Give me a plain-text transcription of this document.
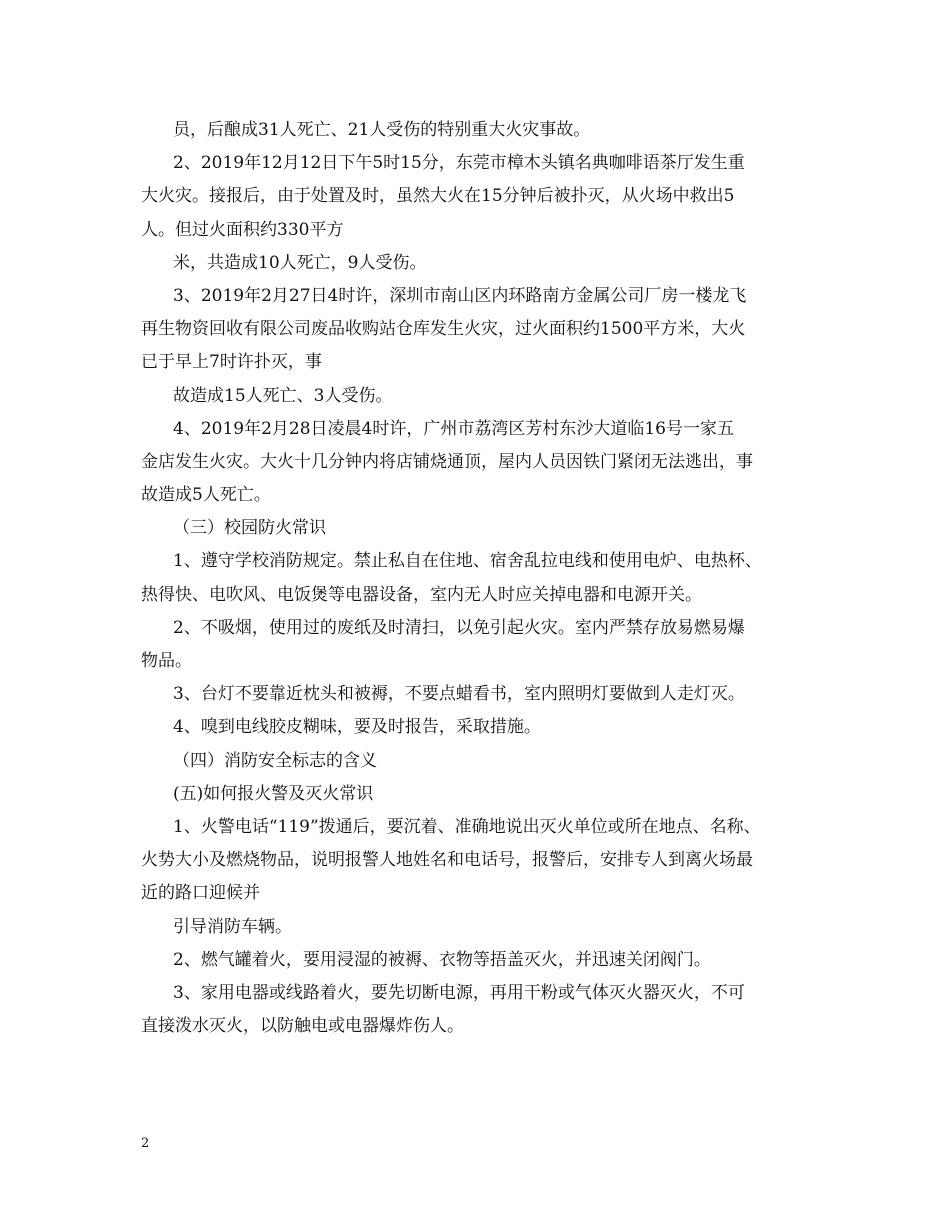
员，后酿成31人死亡、21人受伤的特别重大火灾事故。
2、2019年12月12日下午5时15分，东莞市樟木头镇名典咖啡语茶厅发生重
大火灾。接报后，由于处置及时，虽然大火在15分钟后被扑灭，从火场中救出5
人。但过火面积约330平方
米，共造成10人死亡，9人受伤。
3、2019年2月27日4时许，深圳市南山区内环路南方金属公司厂房一楼龙飞
再生物资回收有限公司废品收购站仓库发生火灾，过火面积约1500平方米，大火
已于早上7时许扑灭，事
故造成15人死亡、3人受伤。
4、2019年2月28日凌晨4时许，广州市荔湾区芳村东沙大道临16号一家五
金店发生火灾。大火十几分钟内将店铺烧通顶，屋内人员因铁门紧闭无法逃出，事
故造成5人死亡。
（三）校园防火常识
1、遵守学校消防规定。禁止私自在住地、宿舍乱拉电线和使用电炉、电热杯、
热得快、电吹风、电饭煲等电器设备，室内无人时应关掉电器和电源开关。
2、不吸烟，使用过的废纸及时清扫，以免引起火灾。室内严禁存放易燃易爆
物品。
3、台灯不要靠近枕头和被褥，不要点蜡看书，室内照明灯要做到人走灯灭。
4、嗅到电线胶皮糊味，要及时报告，采取措施。
（四）消防安全标志的含义
(五)如何报火警及灭火常识
1、火警电话“119”拨通后，要沉着、准确地说出灭火单位或所在地点、名称、
火势大小及燃烧物品，说明报警人地姓名和电话号，报警后，安排专人到离火场最
近的路口迎候并
引导消防车辆。
2、燃气罐着火，要用浸湿的被褥、衣物等捂盖灭火，并迅速关闭阀门。
3、家用电器或线路着火，要先切断电源，再用干粉或气体灭火器灭火，不可
直接泼水灭火，以防触电或电器爆炸伤人。
2
